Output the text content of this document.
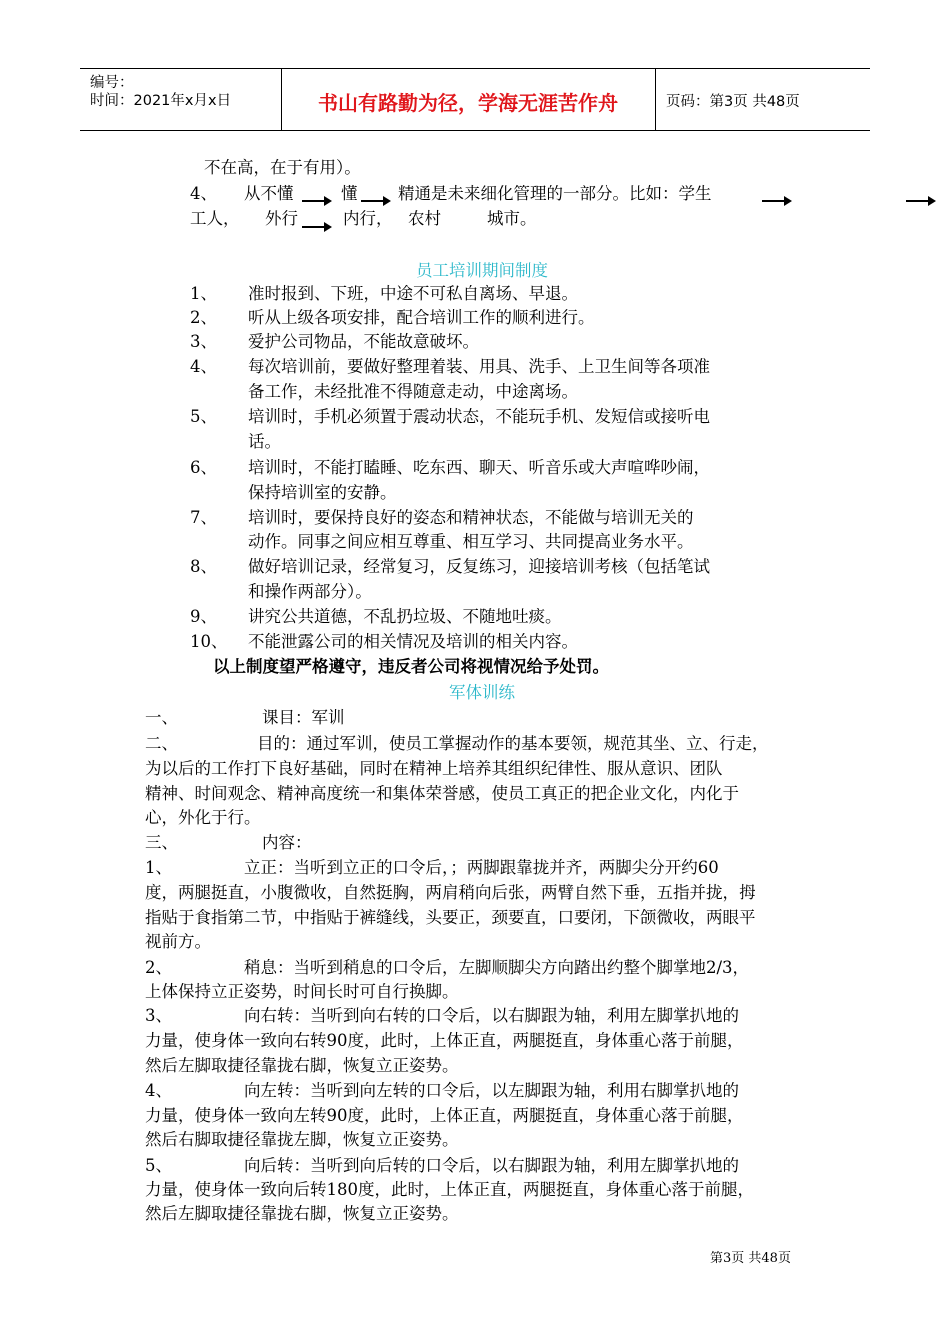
编号：
时间：2021年x月x日	书山有路勤为径，学海无涯苦作舟	页码：第3页 共48页
不在高，在于有用）。
4、 从不懂	懂 精通是未来细化管理的一部分。比如：学生
工人， 外行	内行， 农村	城市。
员工培训期间制度
1、 准时报到、下班，中途不可私自离场、早退。
2、 听从上级各项安排，配合培训工作的顺利进行。
3、 爱护公司物品，不能故意破坏。
4、 每次培训前，要做好整理着装、用具、洗手、上卫生间等各项准
备工作，未经批准不得随意走动，中途离场。
5、 培训时，手机必须置于震动状态，不能玩手机、发短信或接听电
话。
6、 培训时，不能打瞌睡、吃东西、聊天、听音乐或大声喧哗吵闹，
保持培训室的安静。
7、 培训时，要保持良好的姿态和精神状态，不能做与培训无关的
动作。同事之间应相互尊重、相互学习、共同提高业务水平。
8、 做好培训记录，经常复习，反复练习，迎接培训考核（包括笔试
和操作两部分）。
9、 讲究公共道德，不乱扔垃圾、不随地吐痰。
10、 不能泄露公司的相关情况及培训的相关内容。
以上制度望严格遵守，违反者公司将视情况给予处罚。
军体训练
一、	课目：军训
二、	目的：通过军训，使员工掌握动作的基本要领，规范其坐、立、行走，
为以后的工作打下良好基础，同时在精神上培养其组织纪律性、服从意识、团队
精神、时间观念、精神高度统一和集体荣誉感，使员工真正的把企业文化，内化于
心，外化于行。
三、	内容：
1、	立正：当听到立正的口令后，；两脚跟靠拢并齐，两脚尖分开约60
度，两腿挺直，小腹微收，自然挺胸，两肩稍向后张，两臂自然下垂，五指并拢，拇
指贴于食指第二节，中指贴于裤缝线，头要正，颈要直，口要闭，下颌微收，两眼平
视前方。
2、	稍息：当听到稍息的口令后，左脚顺脚尖方向踏出约整个脚掌地2/3，
上体保持立正姿势，时间长时可自行换脚。
3、	向右转：当听到向右转的口令后，以右脚跟为轴，利用左脚掌扒地的
力量，使身体一致向右转90度，此时，上体正直，两腿挺直，身体重心落于前腿，
然后左脚取捷径靠拢右脚，恢复立正姿势。
4、	向左转：当听到向左转的口令后，以左脚跟为轴，利用右脚掌扒地的
力量，使身体一致向左转90度，此时，上体正直，两腿挺直，身体重心落于前腿，
然后右脚取捷径靠拢左脚，恢复立正姿势。
5、	向后转：当听到向后转的口令后，以右脚跟为轴，利用左脚掌扒地的
力量，使身体一致向后转180度，此时，上体正直，两腿挺直，身体重心落于前腿，
然后左脚取捷径靠拢右脚，恢复立正姿势。
第3页 共48页
